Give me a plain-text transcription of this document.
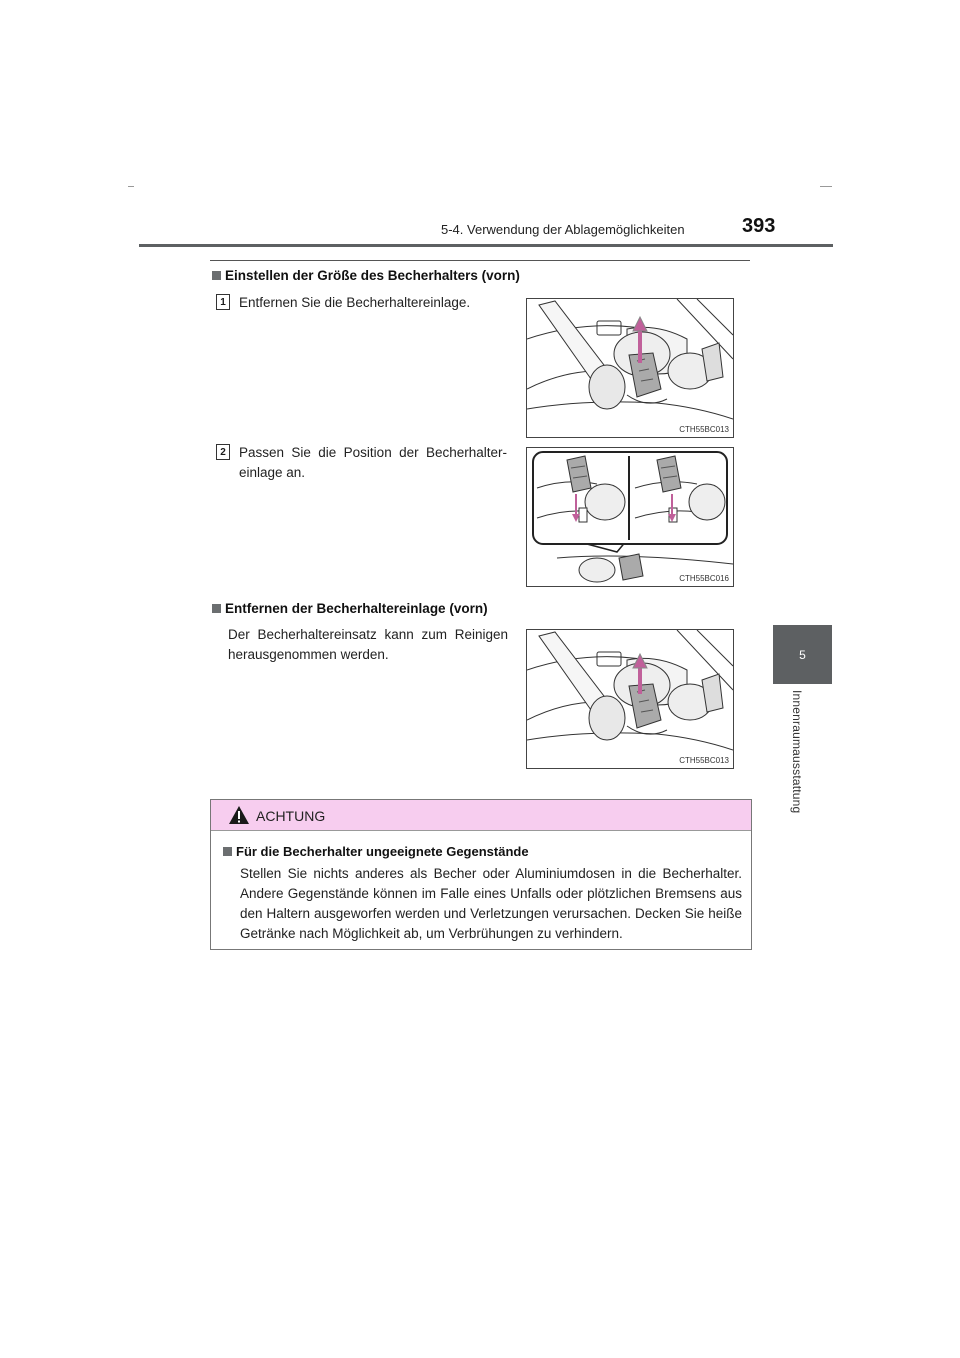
5-4. Verwendung der Ablagemöglichkeiten	393
5
Innenraumausstattung
Einstellen der Größe des Becherhalters (vorn)
1 Entfernen Sie die Becherhaltereinlage.
CTH55BC013
2 Passen Sie die Position der Becherhalter-einlage an.
CTH55BC016
Entfernen der Becherhaltereinlage (vorn)
Der Becherhaltereinsatz kann zum Reinigen herausgenommen werden.
CTH55BC013
ACHTUNG
Für die Becherhalter ungeeignete Gegenstände
Stellen Sie nichts anderes als Becher oder Aluminiumdosen in die Becherhalter. Andere Gegenstände können im Falle eines Unfalls oder plötzlichen Bremsens aus den Haltern ausgeworfen werden und Verletzungen verursachen. Decken Sie heiße Getränke nach Möglichkeit ab, um Verbrühungen zu verhindern.
